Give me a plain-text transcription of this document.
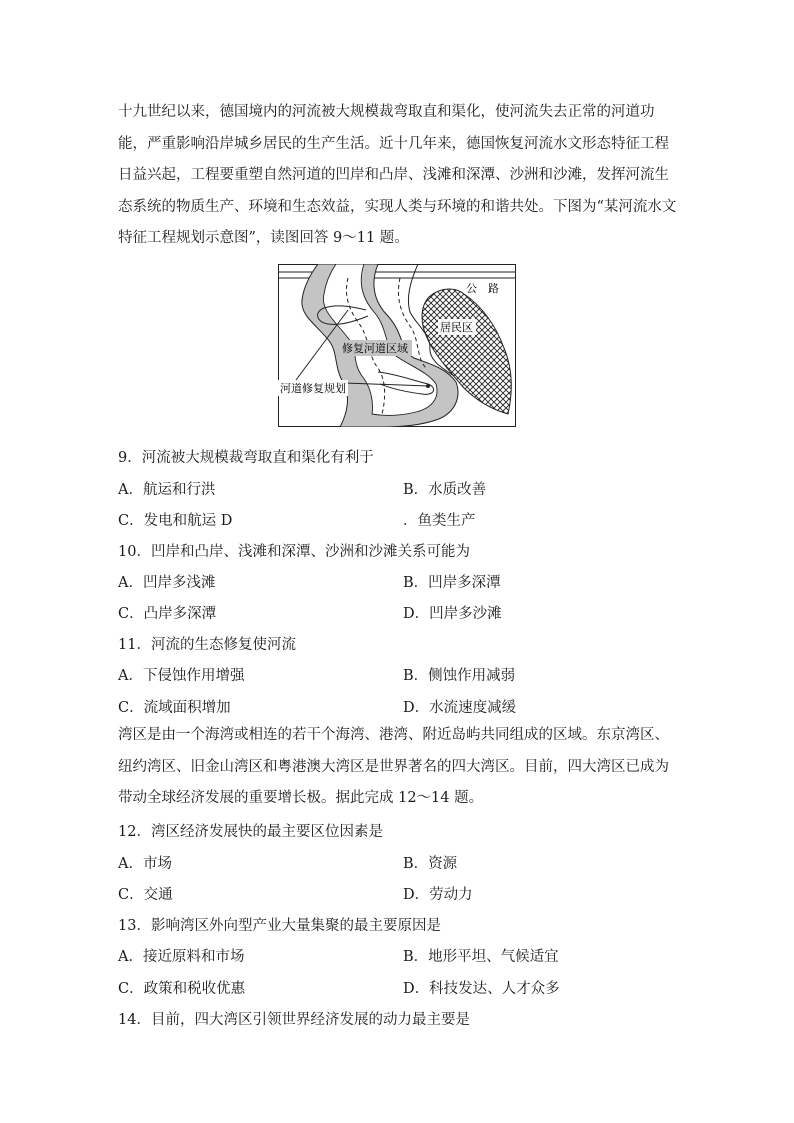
十九世纪以来，德国境内的河流被大规模裁弯取直和渠化，使河流失去正常的河道功能，严重影响沿岸城乡居民的生产生活。近十几年来，德国恢复河流水文形态特征工程日益兴起，工程要重塑自然河道的凹岸和凸岸、浅滩和深潭、沙洲和沙滩，发挥河流生态系统的物质生产、环境和生态效益，实现人类与环境的和谐共处。下图为“某河流水文特征工程规划示意图”，读图回答 9～11 题。

公　路
居民区
修复河道区域
河道修复规划
9．河流被大规模裁弯取直和渠化有利于
A．航运和行洪	B．水质改善
C．发电和航运 D	．鱼类生产
10．凹岸和凸岸、浅滩和深潭、沙洲和沙滩关系可能为
A．凹岸多浅滩	B．凹岸多深潭
C．凸岸多深潭	D．凹岸多沙滩
11．河流的生态修复使河流
A．下侵蚀作用增强	B．侧蚀作用减弱
C．流域面积增加	D．水流速度减缓

湾区是由一个海湾或相连的若干个海湾、港湾、附近岛屿共同组成的区域。东京湾区、纽约湾区、旧金山湾区和粤港澳大湾区是世界著名的四大湾区。目前，四大湾区已成为带动全球经济发展的重要增长极。据此完成 12～14 题。

12．湾区经济发展快的最主要区位因素是
A．市场	B．资源
C．交通	D．劳动力
13．影响湾区外向型产业大量集聚的最主要原因是
A．接近原料和市场	B．地形平坦、气候适宜
C．政策和税收优惠	D．科技发达、人才众多
14．目前，四大湾区引领世界经济发展的动力最主要是
